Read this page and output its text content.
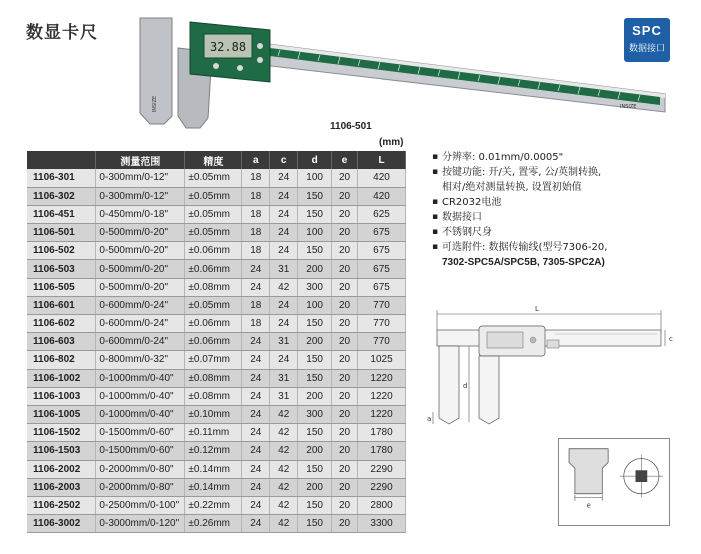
数显卡尺	SPC
数据接口
32.88
INSIZE	INSIZE
1106-501
(mm)
	测量范围	精度	a	c	d	e	L
1106-301	0-300mm/0-12"	±0.05mm	18	24	100	20	420
1106-302	0-300mm/0-12"	±0.05mm	18	24	150	20	420
1106-451	0-450mm/0-18"	±0.05mm	18	24	150	20	625
1106-501	0-500mm/0-20"	±0.05mm	18	24	100	20	675
1106-502	0-500mm/0-20"	±0.06mm	18	24	150	20	675
1106-503	0-500mm/0-20"	±0.06mm	24	31	200	20	675
1106-505	0-500mm/0-20"	±0.08mm	24	42	300	20	675
1106-601	0-600mm/0-24"	±0.05mm	18	24	100	20	770
1106-602	0-600mm/0-24"	±0.06mm	18	24	150	20	770
1106-603	0-600mm/0-24"	±0.06mm	24	31	200	20	770
1106-802	0-800mm/0-32"	±0.07mm	24	24	150	20	1025
1106-1002	0-1000mm/0-40"	±0.08mm	24	31	150	20	1220
1106-1003	0-1000mm/0-40"	±0.08mm	24	31	200	20	1220
1106-1005	0-1000mm/0-40"	±0.10mm	24	42	300	20	1220
1106-1502	0-1500mm/0-60"	±0.11mm	24	42	150	20	1780
1106-1503	0-1500mm/0-60"	±0.12mm	24	42	200	20	1780
1106-2002	0-2000mm/0-80"	±0.14mm	24	42	150	20	2290
1106-2003	0-2000mm/0-80"	±0.14mm	24	42	200	20	2290
1106-2502	0-2500mm/0-100"	±0.22mm	24	42	150	20	2800
1106-3002	0-3000mm/0-120"	±0.26mm	24	42	150	20	3300
▪ 分辨率: 0.01mm/0.0005"
▪ 按键功能: 开/关, 置零, 公/英制转换,
相对/绝对测量转换, 设置初始值
▪ CR2032电池
▪ 数据接口
▪ 不锈钢尺身
▪ 可选附件: 数据传输线(型号7306-20,
7302-SPC5A/SPC5B, 7305-SPC2A)
L
c
d
a
e
